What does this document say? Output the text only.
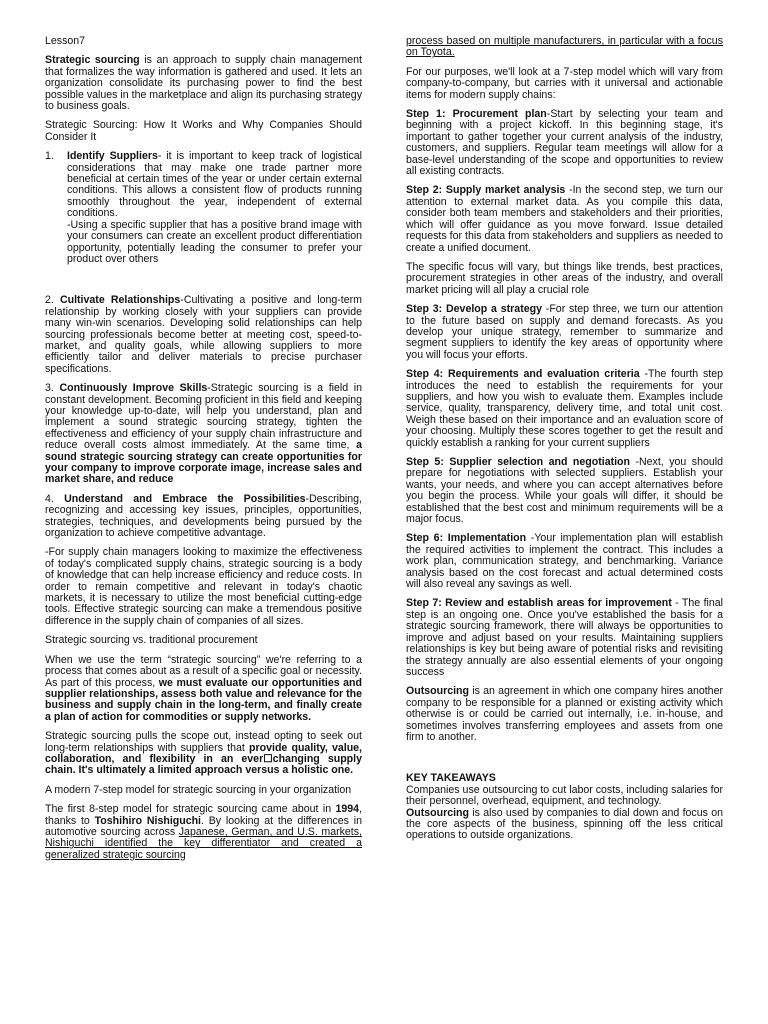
Lesson7

Strategic sourcing is an approach to supply chain management that formalizes the way information is gathered and used. It lets an organization consolidate its purchasing power to find the best possible values in the marketplace and align its purchasing strategy to business goals.

Strategic Sourcing: How It Works and Why Companies Should Consider It

1. Identify Suppliers- it is important to keep track of logistical considerations that may make one trade partner more beneficial at certain times of the year or under certain external conditions. This allows a consistent flow of products running smoothly throughout the year, independent of external conditions.
-Using a specific supplier that has a positive brand image with your consumers can create an excellent product differentiation opportunity, potentially leading the consumer to prefer your product over others

2. Cultivate Relationships-Cultivating a positive and long-term relationship by working closely with your suppliers can provide many win-win scenarios. Developing solid relationships can help sourcing professionals become better at meeting cost, speed-to-market, and quality goals, while allowing suppliers to more efficiently tailor and deliver materials to precise purchaser specifications.

3. Continuously Improve Skills-Strategic sourcing is a field in constant development. Becoming proficient in this field and keeping your knowledge up-to-date, will help you understand, plan and implement a sound strategic sourcing strategy, tighten the effectiveness and efficiency of your supply chain infrastructure and reduce overall costs almost immediately. At the same time, a sound strategic sourcing strategy can create opportunities for your company to improve corporate image, increase sales and market share, and reduce

4. Understand and Embrace the Possibilities-Describing, recognizing and accessing key issues, principles, opportunities, strategies, techniques, and developments being pursued by the organization to achieve competitive advantage.

-For supply chain managers looking to maximize the effectiveness of today's complicated supply chains, strategic sourcing is a body of knowledge that can help increase efficiency and reduce costs. In order to remain competitive and relevant in today's chaotic markets, it is necessary to utilize the most beneficial cutting-edge tools. Effective strategic sourcing can make a tremendous positive difference in the supply chain of companies of all sizes.

Strategic sourcing vs. traditional procurement

When we use the term “strategic sourcing” we're referring to a process that comes about as a result of a specific goal or necessity. As part of this process, we must evaluate our opportunities and supplier relationships, assess both value and relevance for the business and supply chain in the long-term, and finally create a plan of action for commodities or supply networks.

Strategic sourcing pulls the scope out, instead opting to seek out long-term relationships with suppliers that provide quality, value, collaboration, and flexibility in an ever☐changing supply chain. It's ultimately a limited approach versus a holistic one.

A modern 7-step model for strategic sourcing in your organization

The first 8-step model for strategic sourcing came about in 1994, thanks to Toshihiro Nishiguchi. By looking at the differences in automotive sourcing across Japanese, German, and U.S. markets, Nishiguchi identified the key differentiator and created a generalized strategic sourcing

process based on multiple manufacturers, in particular with a focus on Toyota.

For our purposes, we'll look at a 7-step model which will vary from company-to-company, but carries with it universal and actionable items for modern supply chains:

Step 1: Procurement plan-Start by selecting your team and beginning with a project kickoff. In this beginning stage, it's important to gather together your current analysis of the industry, customers, and suppliers. Regular team meetings will allow for a base-level understanding of the scope and opportunities to review all existing contracts.

Step 2: Supply market analysis -In the second step, we turn our attention to external market data. As you compile this data, consider both team members and stakeholders and their priorities, which will offer guidance as you move forward. Issue detailed requests for this data from stakeholders and suppliers as needed to create a unified document.

The specific focus will vary, but things like trends, best practices, procurement strategies in other areas of the industry, and overall market pricing will all play a crucial role

Step 3: Develop a strategy -For step three, we turn our attention to the future based on supply and demand forecasts. As you develop your unique strategy, remember to summarize and segment suppliers to identify the key areas of opportunity where you will focus your efforts.

Step 4: Requirements and evaluation criteria -The fourth step introduces the need to establish the requirements for your suppliers, and how you wish to evaluate them. Examples include service, quality, transparency, delivery time, and total unit cost. Weigh these based on their importance and an evaluation score of your choosing. Multiply these scores together to get the result and quickly establish a ranking for your current suppliers

Step 5: Supplier selection and negotiation -Next, you should prepare for negotiations with selected suppliers. Establish your wants, your needs, and where you can accept alternatives before you begin the process. While your goals will differ, it should be established that the best cost and minimum requirements will be a major focus.

Step 6: Implementation -Your implementation plan will establish the required activities to implement the contract. This includes a work plan, communication strategy, and benchmarking. Variance analysis based on the cost forecast and actual determined costs will also reveal any savings as well.

Step 7: Review and establish areas for improvement - The final step is an ongoing one. Once you've established the basis for a strategic sourcing framework, there will always be opportunities to improve and adjust based on your results. Maintaining suppliers relationships is key but being aware of potential risks and revisiting the strategy annually are also essential elements of your ongoing success

Outsourcing is an agreement in which one company hires another company to be responsible for a planned or existing activity which otherwise is or could be carried out internally, i.e. in-house, and sometimes involves transferring employees and assets from one firm to another.

KEY TAKEAWAYS
Companies use outsourcing to cut labor costs, including salaries for their personnel, overhead, equipment, and technology.
Outsourcing is also used by companies to dial down and focus on the core aspects of the business, spinning off the less critical operations to outside organizations.
